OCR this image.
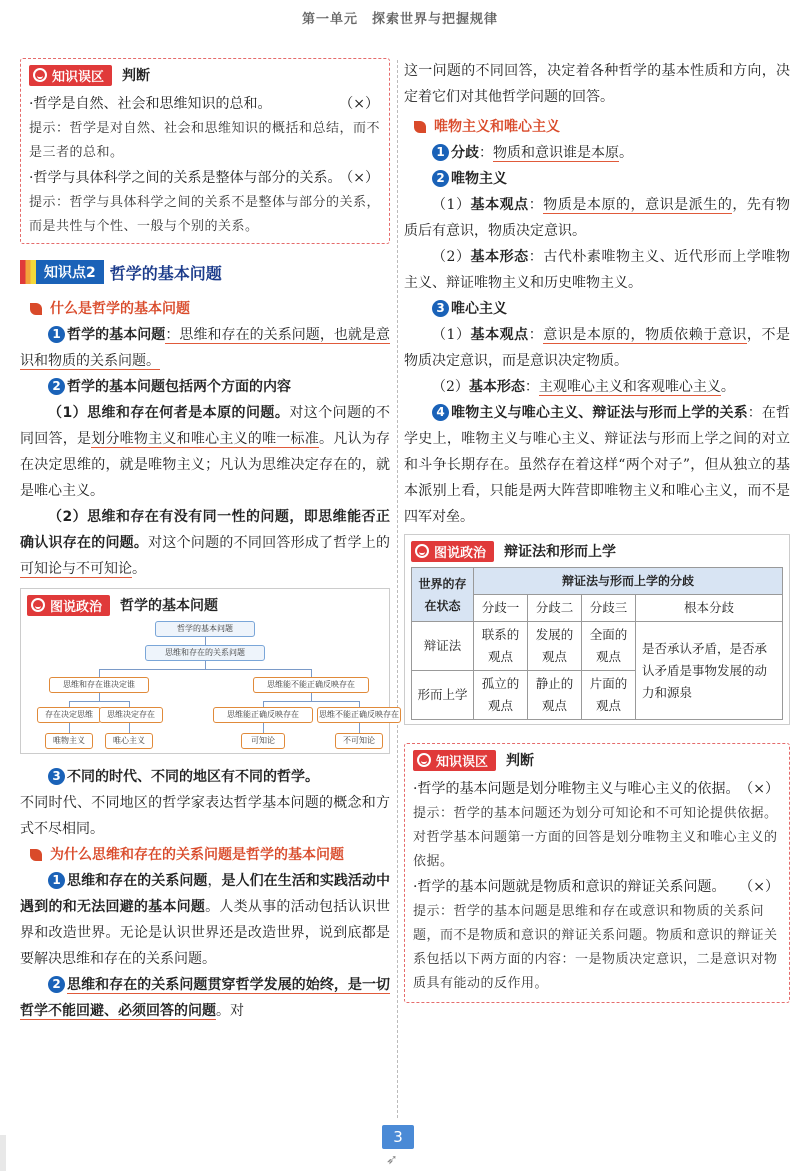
第一单元　探索世界与把握规律
知识误区 判断
·哲学是自然、社会和思维知识的总和。	（×）
提示：哲学是对自然、社会和思维知识的概括和总结，而不是三者的总和。
·哲学与具体科学之间的关系是整体与部分的关系。
（×）
提示：哲学与具体科学之间的关系不是整体与部分的关系，而是共性与个性、一般与个别的关系。
知识点2 哲学的基本问题
什么是哲学的基本问题
1 哲学的基本问题：思维和存在的关系问题，也就是意识和物质的关系问题。
2 哲学的基本问题包括两个方面的内容
（1）思维和存在何者是本原的问题。对这个问题的不同回答，是划分唯物主义和唯心主义的唯一标准。凡认为存在决定思维的，就是唯物主义；凡认为思维决定存在的，就是唯心主义。
（2）思维和存在有没有同一性的问题，即思维能否正确认识存在的问题。对这个问题的不同回答形成了哲学上的可知论与不可知论。
图说政治 哲学的基本问题
哲学的基本问题
思维和存在的关系问题
思维和存在谁决定谁	思维能不能正确反映存在
存在决定思维	思维决定存在	思维能正确反映存在	思维不能正确反映存在
唯物主义	唯心主义	可知论	不可知论
3 不同的时代、不同的地区有不同的哲学。
不同时代、不同地区的哲学家表达哲学基本问题的概念和方式不尽相同。
为什么思维和存在的关系问题是哲学的基本问题
1 思维和存在的关系问题，是人们在生活和实践活动中遇到的和无法回避的基本问题。人类从事的活动包括认识世界和改造世界。无论是认识世界还是改造世界，说到底都是要解决思维和存在的关系问题。
2 思维和存在的关系问题贯穿哲学发展的始终，是一切哲学不能回避、必须回答的问题。对
这一问题的不同回答，决定着各种哲学的基本性质和方向，决定着它们对其他哲学问题的回答。
唯物主义和唯心主义
1 分歧：物质和意识谁是本原。
2 唯物主义
（1）基本观点：物质是本原的，意识是派生的，先有物质后有意识，物质决定意识。
（2）基本形态：古代朴素唯物主义、近代形而上学唯物主义、辩证唯物主义和历史唯物主义。
3 唯心主义
（1）基本观点：意识是本原的，物质依赖于意识，不是物质决定意识，而是意识决定物质。
（2）基本形态：主观唯心主义和客观唯心主义。
4 唯物主义与唯心主义、辩证法与形而上学的关系：在哲学史上，唯物主义与唯心主义、辩证法与形而上学之间的对立和斗争长期存在。虽然存在着这样“两个对子”，但从独立的基本派别上看，只能是两大阵营即唯物主义和唯心主义，而不是四军对垒。
图说政治 辩证法和形而上学
世界的存在状态	辩证法与形而上学的分歧			
	分歧一	分歧二	分歧三	根本分歧
辩证法	联系的观点	发展的观点	全面的观点	是否承认矛盾，是否承认矛盾是事物发展的动力和源泉
形而上学	孤立的观点	静止的观点	片面的观点	
知识误区 判断
·哲学的基本问题是划分唯物主义与唯心主义的依据。 （×）
提示：哲学的基本问题还为划分可知论和不可知论提供依据。对哲学基本问题第一方面的回答是划分唯物主义和唯心主义的依据。
·哲学的基本问题就是物质和意识的辩证关系问题。 （×）
提示：哲学的基本问题是思维和存在或意识和物质的关系问题，而不是物质和意识的辩证关系问题。物质和意识的辩证关系包括以下两方面的内容：一是物质决定意识，二是意识对物质具有能动的反作用。
3
➶
